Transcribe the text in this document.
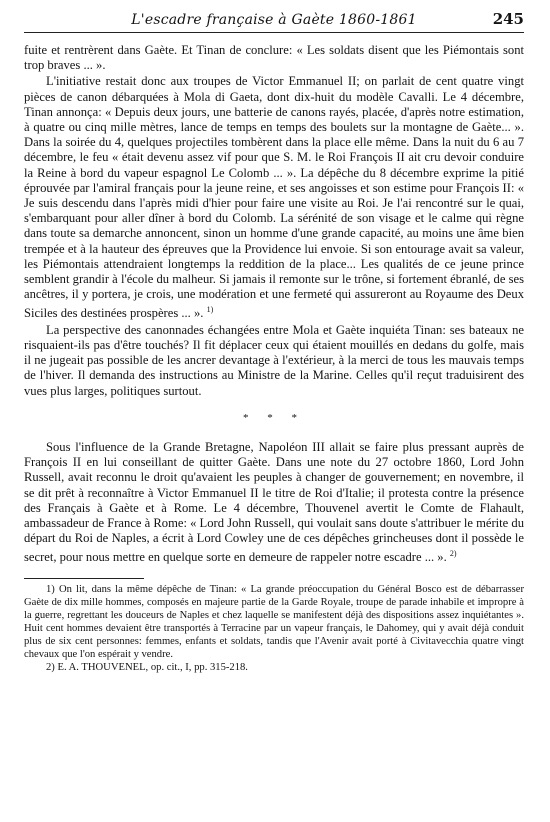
L'escadre française à Gaète 1860-1861	245

fuite et rentrèrent dans Gaète. Et Tinan de conclure: « Les soldats disent que les Piémontais sont trop braves ... ».

L'initiative restait donc aux troupes de Victor Emmanuel II; on parlait de cent quatre vingt pièces de canon débarquées à Mola di Gaeta, dont dix-huit du modèle Cavalli. Le 4 décembre, Tinan annonça: « Depuis deux jours, une batterie de canons rayés, placée, d'après notre estimation, à quatre ou cinq mille mètres, lance de temps en temps des boulets sur la montagne de Gaète... ». Dans la soirée du 4, quelques projectiles tombèrent dans la place elle même. Dans la nuit du 6 au 7 décembre, le feu « était devenu assez vif pour que S. M. le Roi François II ait cru devoir conduire la Reine à bord du vapeur espagnol Le Colomb ... ». La dépêche du 8 décembre exprime la pitié éprouvée par l'amiral français pour la jeune reine, et ses angoisses et son estime pour François II: « Je suis descendu dans l'après midi d'hier pour faire une visite au Roi. Je l'ai rencontré sur le quai, s'embarquant pour aller dîner à bord du Colomb. La sérénité de son visage et le calme qui règne dans toute sa demarche annoncent, sinon un homme d'une grande capacité, au moins une âme bien trempée et à la hauteur des épreuves que la Providence lui envoie. Si son entourage avait sa valeur, les Piémontais attendraient longtemps la reddition de la place... Les qualités de ce jeune prince semblent grandir à l'école du malheur. Si jamais il remonte sur le trône, si fortement ébranlé, de ses ancêtres, il y portera, je crois, une modération et une fermeté qui assureront au Royaume des Deux Siciles des destinées prospères ... ». $^{1)}$

La perspective des canonnades échangées entre Mola et Gaète inquiéta Tinan: ses bateaux ne risquaient-ils pas d'être touchés? Il fit déplacer ceux qui étaient mouillés en dedans du golfe, mais il ne jugeait pas possible de les ancrer devantage à l'extérieur, à la merci de tous les mauvais temps de l'hiver. Il demanda des instructions au Ministre de la Marine. Celles qu'il reçut traduisirent des vues plus larges, politiques surtout.

* * *

Sous l'influence de la Grande Bretagne, Napoléon III allait se faire plus pressant auprès de François II en lui conseillant de quitter Gaète. Dans une note du 27 octobre 1860, Lord John Russell, avait reconnu le droit qu'avaient les peuples à changer de gouvernement; en novembre, il se dit prêt à reconnaître à Victor Emmanuel II le titre de Roi d'Italie; il protesta contre la présence des Français à Gaète et à Rome. Le 4 décembre, Thouvenel avertit le Comte de Flahault, ambassadeur de France à Rome: « Lord John Russell, qui voulait sans doute s'attribuer le mérite du départ du Roi de Naples, a écrit à Lord Cowley une de ces dépêches grincheuses dont il possède le secret, pour nous mettre en quelque sorte en demeure de rappeler notre escadre ... ». $^{2)}$

1) On lit, dans la même dépêche de Tinan: « La grande préoccupation du Général Bosco est de débarrasser Gaète de dix mille hommes, composés en majeure partie de la Garde Royale, troupe de parade inhabile et impropre à la guerre, regrettant les douceurs de Naples et chez laquelle se manifestent déjà des dispositions assez inquiétantes ». Huit cent hommes devaient être transportés à Terracine par un vapeur français, le Dahomey, qui y avait déjà conduit plus de six cent personnes: femmes, enfants et soldats, tandis que l'Avenir avait porté à Civitavecchia quatre vingt chevaux que l'on espérait y vendre.

2) E. A. THOUVENEL, op. cit., I, pp. 315-218.
